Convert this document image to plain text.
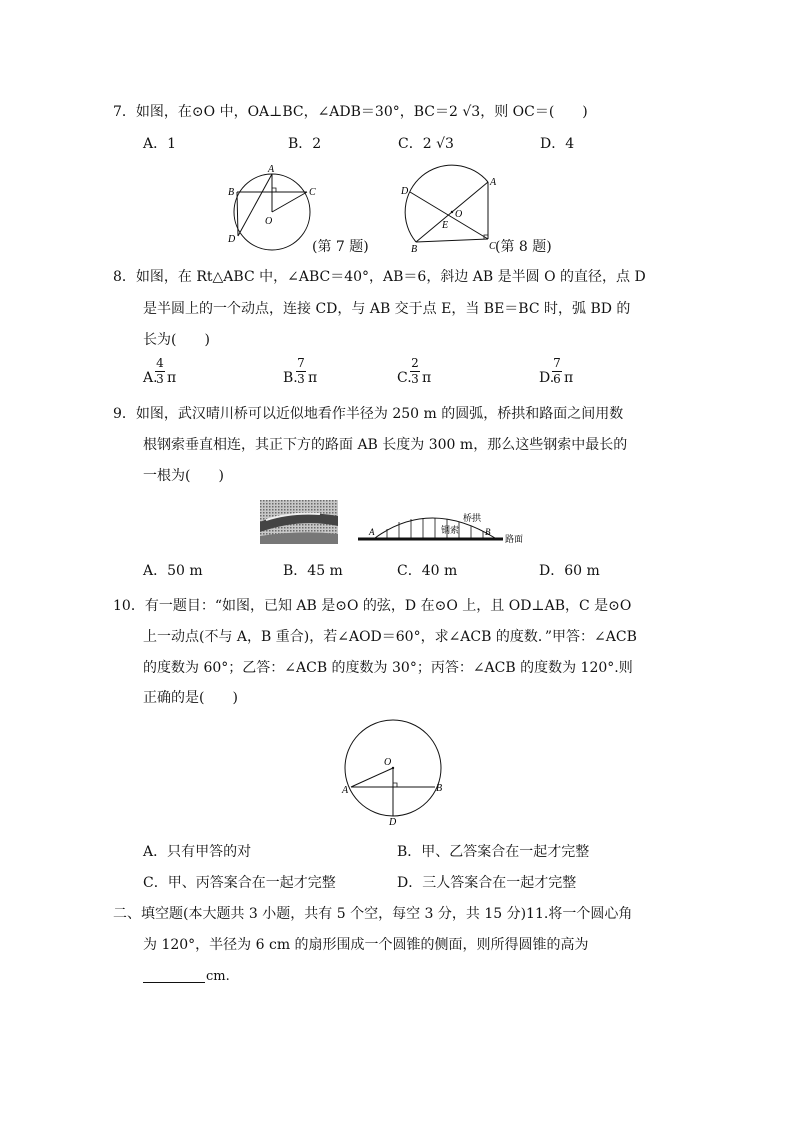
7．如图，在⊙O 中，OA⊥BC，∠ADB＝30°，BC＝2 √3，则 OC＝(　　)
A．1	B．2	C．2 √3	D．4
A
B	C
D
O
(第 7 题)
A
B	C
D
O
E
(第 8 题)
8．如图，在 Rt△ABC 中，∠ABC＝40°，AB＝6，斜边 AB 是半圆 O 的直径，点 D
是半圆上的一个动点，连接 CD，与 AB 交于点 E，当 BE＝BC 时，弧 BD 的
长为(　　)
A.
4
3 π	B.
7
3 π	C.
2
3 π	D.
7
6 π
9．如图，武汉晴川桥可以近似地看作半径为 250 m 的圆弧，桥拱和路面之间用数
根钢索垂直相连，其正下方的路面 AB 长度为 300 m，那么这些钢索中最长的
一根为(　　)
A	B
桥拱
钢索
路面
A．50 m	B．45 m	C．40 m	D．60 m
10．有一题目：“如图，已知 AB 是⊙O 的弦，D 在⊙O 上，且 OD⊥AB，C 是⊙O
上一动点(不与 A，B 重合)，若∠AOD＝60°，求∠ACB 的度数．”甲答：∠ACB
的度数为 60°；乙答：∠ACB 的度数为 30°；丙答：∠ACB 的度数为 120°.则
正确的是(　　)
O
A	B
D
A．只有甲答的对	B．甲、乙答案合在一起才完整
C．甲、丙答案合在一起才完整	D．三人答案合在一起才完整
二、填空题(本大题共 3 小题，共有 5 个空，每空 3 分，共 15 分)11.将一个圆心角
为 120°，半径为 6 cm 的扇形围成一个圆锥的侧面，则所得圆锥的高为
cm.
